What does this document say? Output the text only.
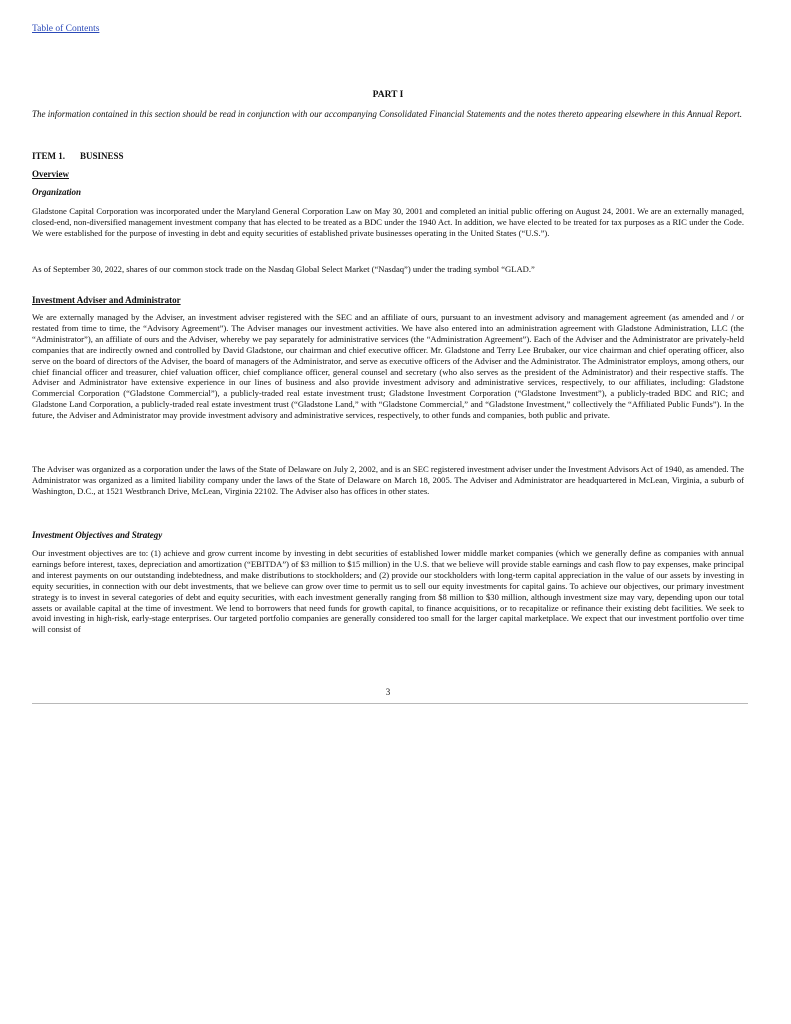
Table of Contents
PART I
The information contained in this section should be read in conjunction with our accompanying Consolidated Financial Statements and the notes thereto appearing elsewhere in this Annual Report.
ITEM 1. BUSINESS
Overview
Organization
Gladstone Capital Corporation was incorporated under the Maryland General Corporation Law on May 30, 2001 and completed an initial public offering on August 24, 2001. We are an externally managed, closed-end, non-diversified management investment company that has elected to be treated as a BDC under the 1940 Act. In addition, we have elected to be treated for tax purposes as a RIC under the Code. We were established for the purpose of investing in debt and equity securities of established private businesses operating in the United States (“U.S.”).
As of September 30, 2022, shares of our common stock trade on the Nasdaq Global Select Market (“Nasdaq”) under the trading symbol “GLAD.”
Investment Adviser and Administrator
We are externally managed by the Adviser, an investment adviser registered with the SEC and an affiliate of ours, pursuant to an investment advisory and management agreement (as amended and / or restated from time to time, the “Advisory Agreement”). The Adviser manages our investment activities. We have also entered into an administration agreement with Gladstone Administration, LLC (the “Administrator”), an affiliate of ours and the Adviser, whereby we pay separately for administrative services (the “Administration Agreement”). Each of the Adviser and the Administrator are privately-held companies that are indirectly owned and controlled by David Gladstone, our chairman and chief executive officer. Mr. Gladstone and Terry Lee Brubaker, our vice chairman and chief operating officer, also serve on the board of directors of the Adviser, the board of managers of the Administrator, and serve as executive officers of the Adviser and the Administrator. The Administrator employs, among others, our chief financial officer and treasurer, chief valuation officer, chief compliance officer, general counsel and secretary (who also serves as the president of the Administrator) and their respective staffs. The Adviser and Administrator have extensive experience in our lines of business and also provide investment advisory and administrative services, respectively, to our affiliates, including: Gladstone Commercial Corporation (“Gladstone Commercial”), a publicly-traded real estate investment trust; Gladstone Investment Corporation (“Gladstone Investment”), a publicly-traded BDC and RIC; and Gladstone Land Corporation, a publicly-traded real estate investment trust (“Gladstone Land,” with “Gladstone Commercial,” and “Gladstone Investment,” collectively the “Affiliated Public Funds”). In the future, the Adviser and Administrator may provide investment advisory and administrative services, respectively, to other funds and companies, both public and private.
The Adviser was organized as a corporation under the laws of the State of Delaware on July 2, 2002, and is an SEC registered investment adviser under the Investment Advisors Act of 1940, as amended. The Administrator was organized as a limited liability company under the laws of the State of Delaware on March 18, 2005. The Adviser and Administrator are headquartered in McLean, Virginia, a suburb of Washington, D.C., at 1521 Westbranch Drive, McLean, Virginia 22102. The Adviser also has offices in other states.
Investment Objectives and Strategy
Our investment objectives are to: (1) achieve and grow current income by investing in debt securities of established lower middle market companies (which we generally define as companies with annual earnings before interest, taxes, depreciation and amortization (“EBITDA”) of $3 million to $15 million) in the U.S. that we believe will provide stable earnings and cash flow to pay expenses, make principal and interest payments on our outstanding indebtedness, and make distributions to stockholders; and (2) provide our stockholders with long-term capital appreciation in the value of our assets by investing in equity securities, in connection with our debt investments, that we believe can grow over time to permit us to sell our equity investments for capital gains. To achieve our objectives, our primary investment strategy is to invest in several categories of debt and equity securities, with each investment generally ranging from $8 million to $30 million, although investment size may vary, depending upon our total assets or available capital at the time of investment. We lend to borrowers that need funds for growth capital, to finance acquisitions, or to recapitalize or refinance their existing debt facilities. We seek to avoid investing in high-risk, early-stage enterprises. Our targeted portfolio companies are generally considered too small for the larger capital marketplace. We expect that our investment portfolio over time will consist of
3
